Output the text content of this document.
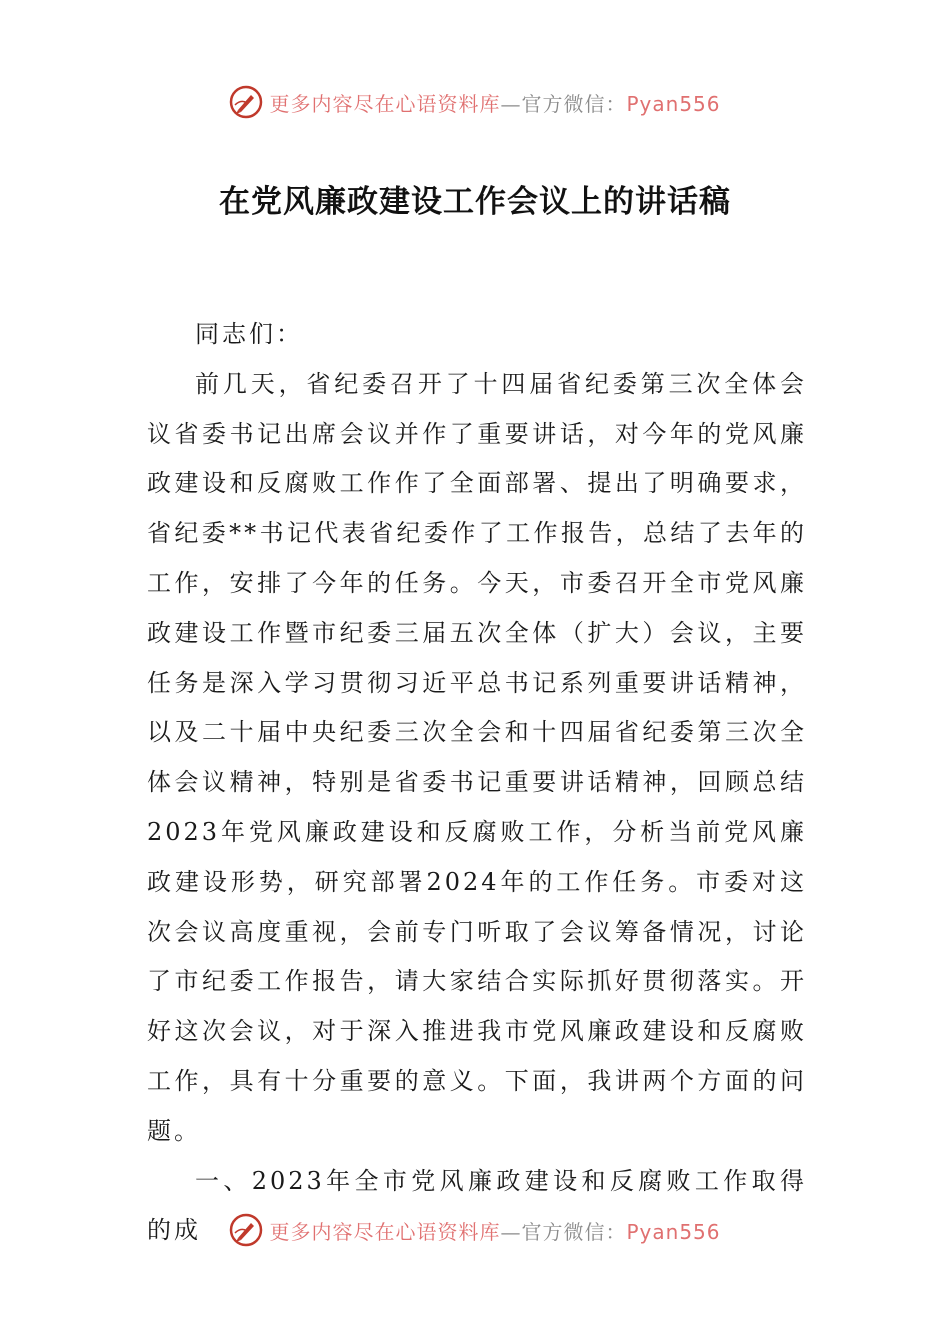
更多内容尽在心语资料库—官方微信：Pyan556
在党风廉政建设工作会议上的讲话稿

同志们：

前几天，省纪委召开了十四届省纪委第三次全体会议省委书记出席会议并作了重要讲话，对今年的党风廉政建设和反腐败工作作了全面部署、提出了明确要求，省纪委**书记代表省纪委作了工作报告，总结了去年的工作，安排了今年的任务。今天，市委召开全市党风廉政建设工作暨市纪委三届五次全体（扩大）会议，主要任务是深入学习贯彻习近平总书记系列重要讲话精神，以及二十届中央纪委三次全会和十四届省纪委第三次全体会议精神，特别是省委书记重要讲话精神，回顾总结2023年党风廉政建设和反腐败工作，分析当前党风廉政建设形势，研究部署2024年的工作任务。市委对这次会议高度重视，会前专门听取了会议筹备情况，讨论了市纪委工作报告，请大家结合实际抓好贯彻落实。开好这次会议，对于深入推进我市党风廉政建设和反腐败工作，具有十分重要的意义。下面，我讲两个方面的问题。

一、2023年全市党风廉政建设和反腐败工作取得的成	更多内容尽在心语资料库—官方微信：Pyan556
